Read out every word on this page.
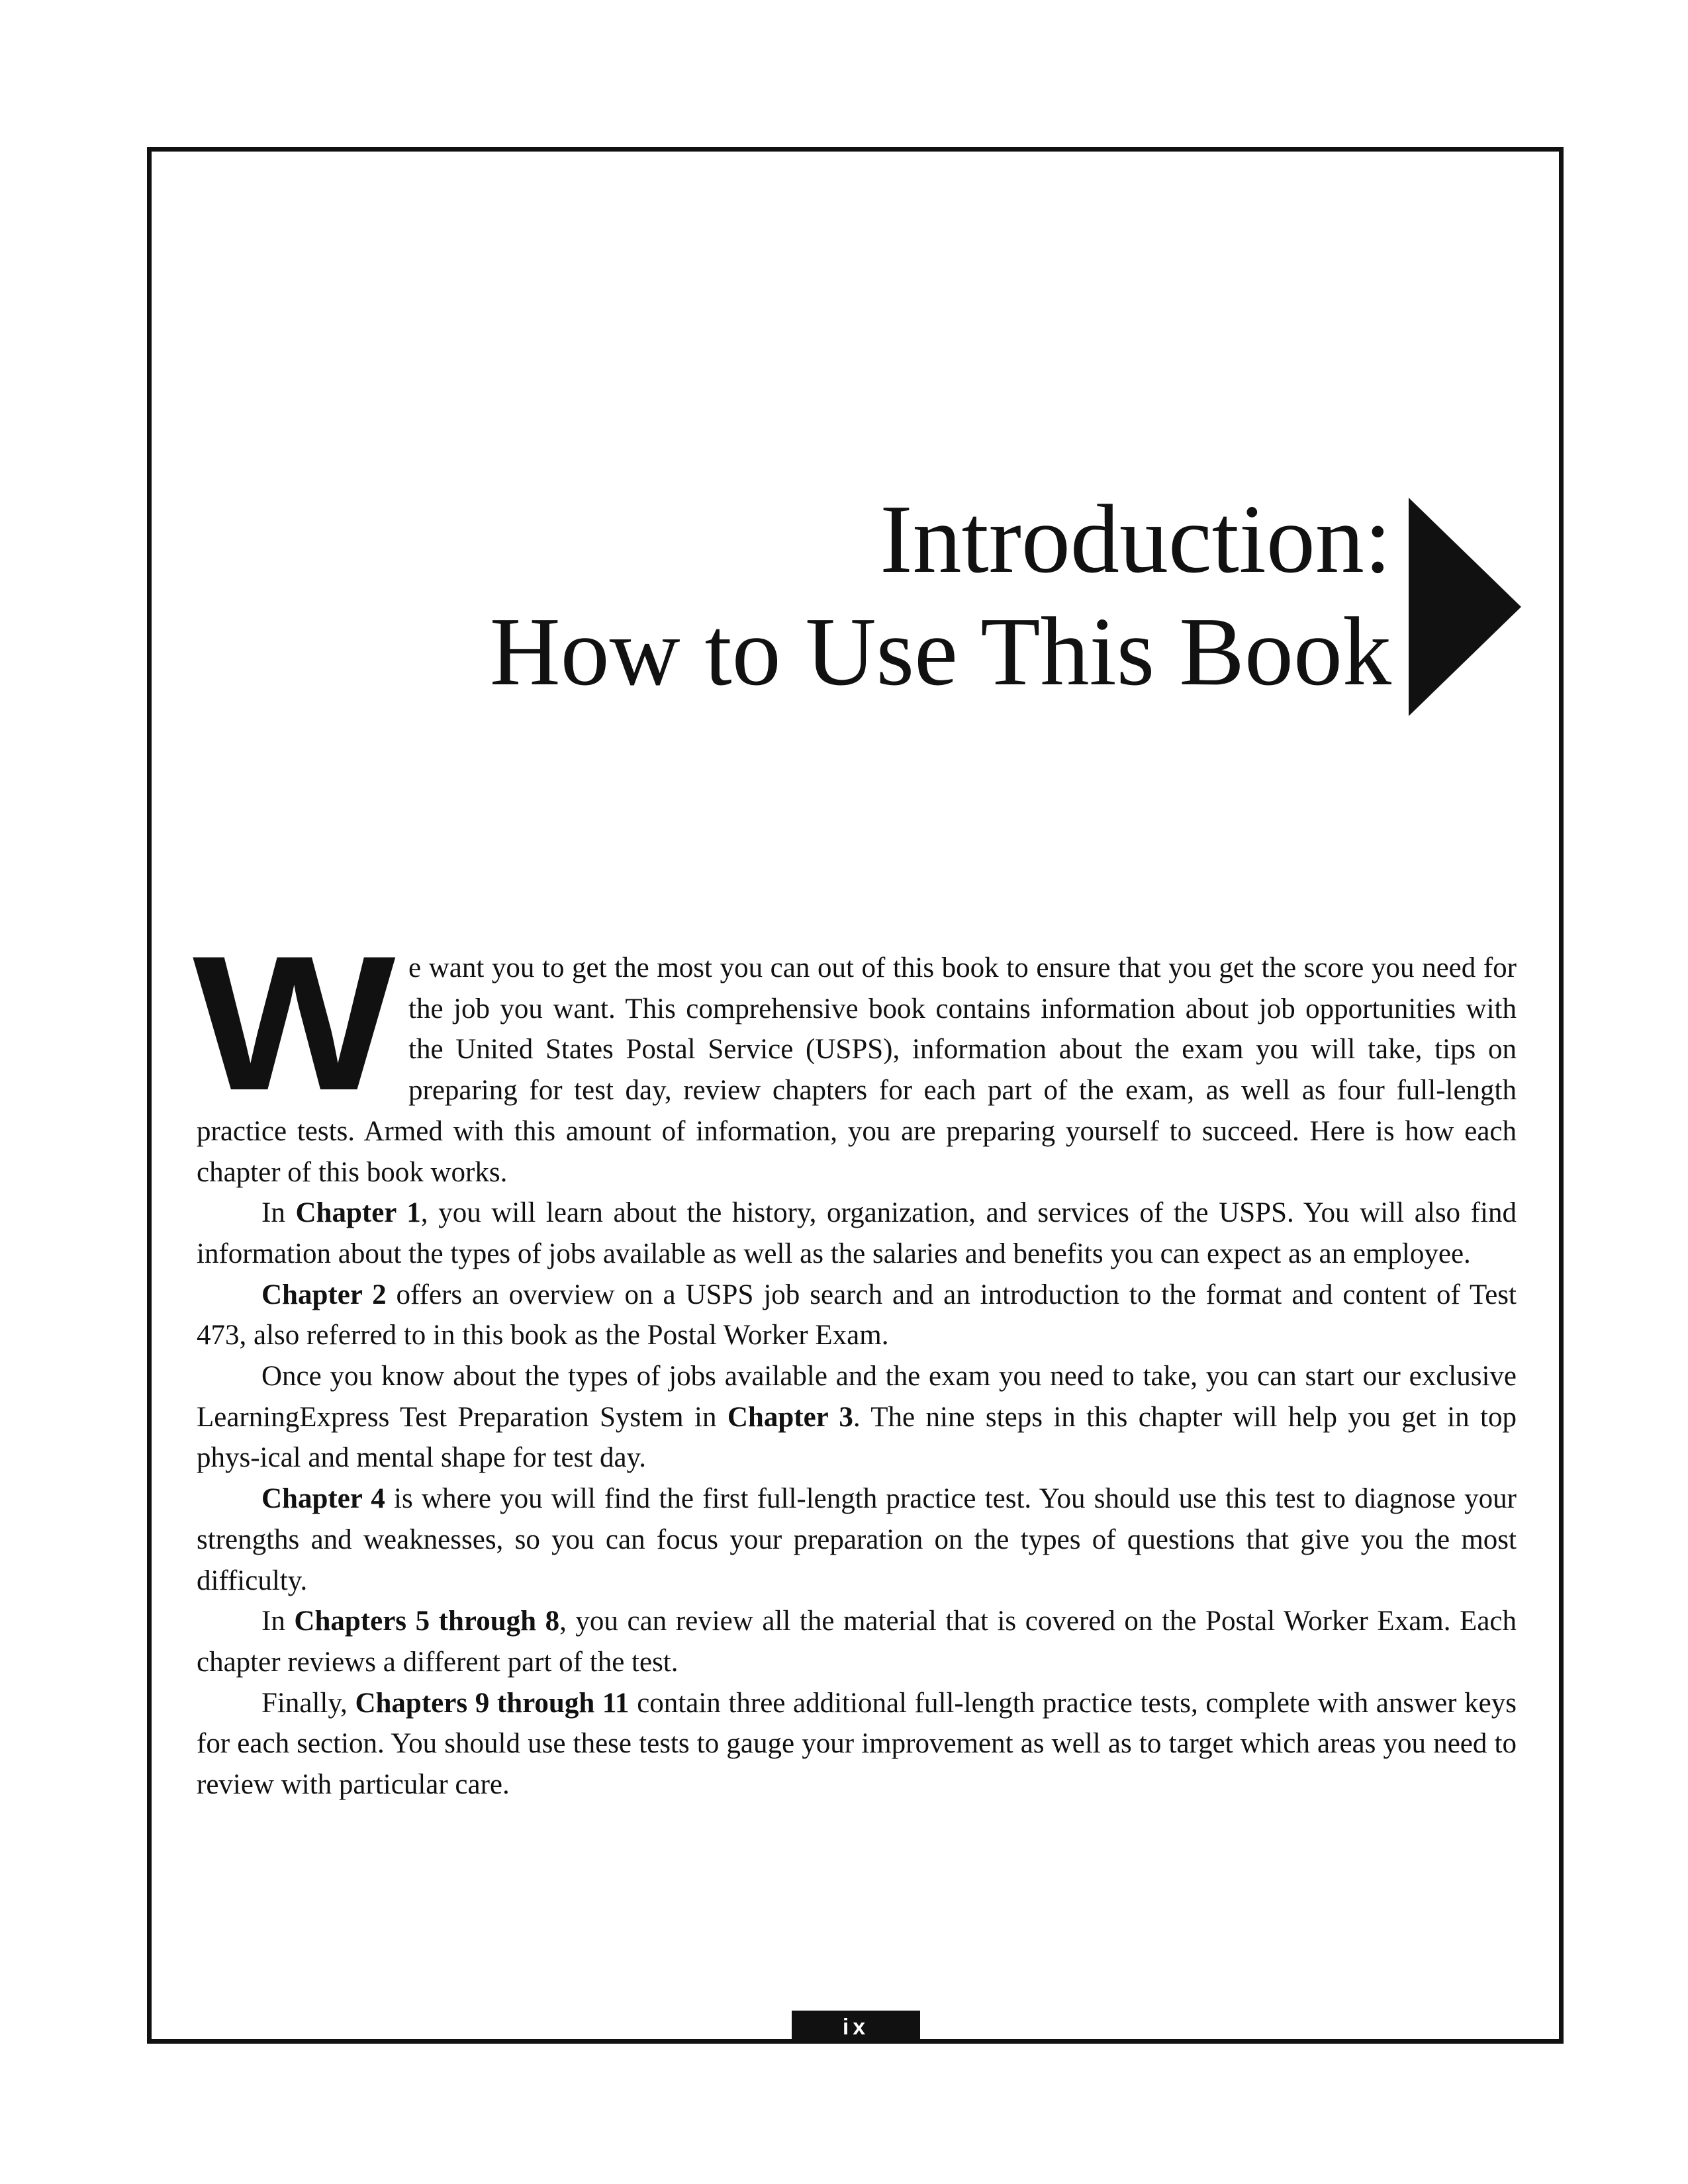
Introduction:
How to Use This Book

We want you to get the most you can out of this book to ensure that you get the score you need for the job you want. This comprehensive book contains information about job opportunities with the United States Postal Service (USPS), information about the exam you will take, tips on preparing for test day, review chapters for each part of the exam, as well as four full-length practice tests. Armed with this amount of information, you are preparing yourself to succeed. Here is how each chapter of this book works.

In Chapter 1, you will learn about the history, organization, and services of the USPS. You will also find information about the types of jobs available as well as the salaries and benefits you can expect as an employee.

Chapter 2 offers an overview on a USPS job search and an introduction to the format and content of Test 473, also referred to in this book as the Postal Worker Exam.

Once you know about the types of jobs available and the exam you need to take, you can start our exclusive LearningExpress Test Preparation System in Chapter 3. The nine steps in this chapter will help you get in top phys-ical and mental shape for test day.

Chapter 4 is where you will find the first full-length practice test. You should use this test to diagnose your strengths and weaknesses, so you can focus your preparation on the types of questions that give you the most difficulty.

In Chapters 5 through 8, you can review all the material that is covered on the Postal Worker Exam. Each chapter reviews a different part of the test.

Finally, Chapters 9 through 11 contain three additional full-length practice tests, complete with answer keys for each section. You should use these tests to gauge your improvement as well as to target which areas you need to review with particular care.

ix
